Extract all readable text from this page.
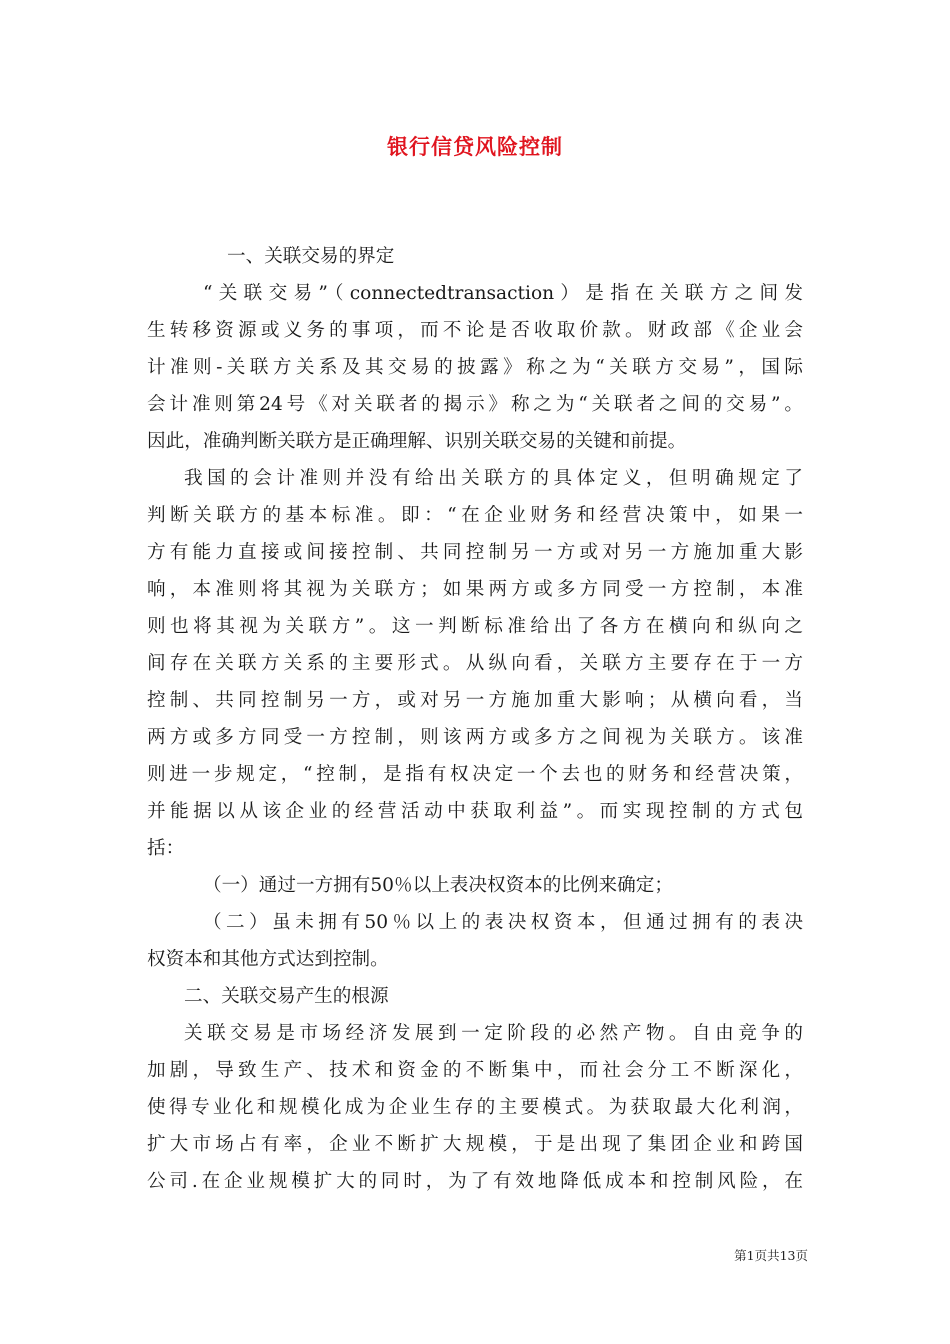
银行信贷风险控制
一、关联交易的界定
“关联交易”（connectedtransaction）是指在关联方之间发
生转移资源或义务的事项，而不论是否收取价款。财政部《企业会
计准则-关联方关系及其交易的披露》称之为“关联方交易”，国际
会计准则第24号《对关联者的揭示》称之为“关联者之间的交易”。
因此，准确判断关联方是正确理解、识别关联交易的关键和前提。
我国的会计准则并没有给出关联方的具体定义，但明确规定了
判断关联方的基本标准。即：“在企业财务和经营决策中，如果一
方有能力直接或间接控制、共同控制另一方或对另一方施加重大影
响，本准则将其视为关联方；如果两方或多方同受一方控制，本准
则也将其视为关联方”。这一判断标准给出了各方在横向和纵向之
间存在关联方关系的主要形式。从纵向看，关联方主要存在于一方
控制、共同控制另一方，或对另一方施加重大影响；从横向看，当
两方或多方同受一方控制，则该两方或多方之间视为关联方。该准
则进一步规定，“控制，是指有权决定一个去也的财务和经营决策，
并能据以从该企业的经营活动中获取利益”。而实现控制的方式包
括：
（一）通过一方拥有50％以上表决权资本的比例来确定；
（二）虽未拥有50％以上的表决权资本，但通过拥有的表决
权资本和其他方式达到控制。
二、关联交易产生的根源
关联交易是市场经济发展到一定阶段的必然产物。自由竞争的
加剧，导致生产、技术和资金的不断集中，而社会分工不断深化，
使得专业化和规模化成为企业生存的主要模式。为获取最大化利润，
扩大市场占有率，企业不断扩大规模，于是出现了集团企业和跨国
公司.在企业规模扩大的同时，为了有效地降低成本和控制风险，在
第1页共13页
